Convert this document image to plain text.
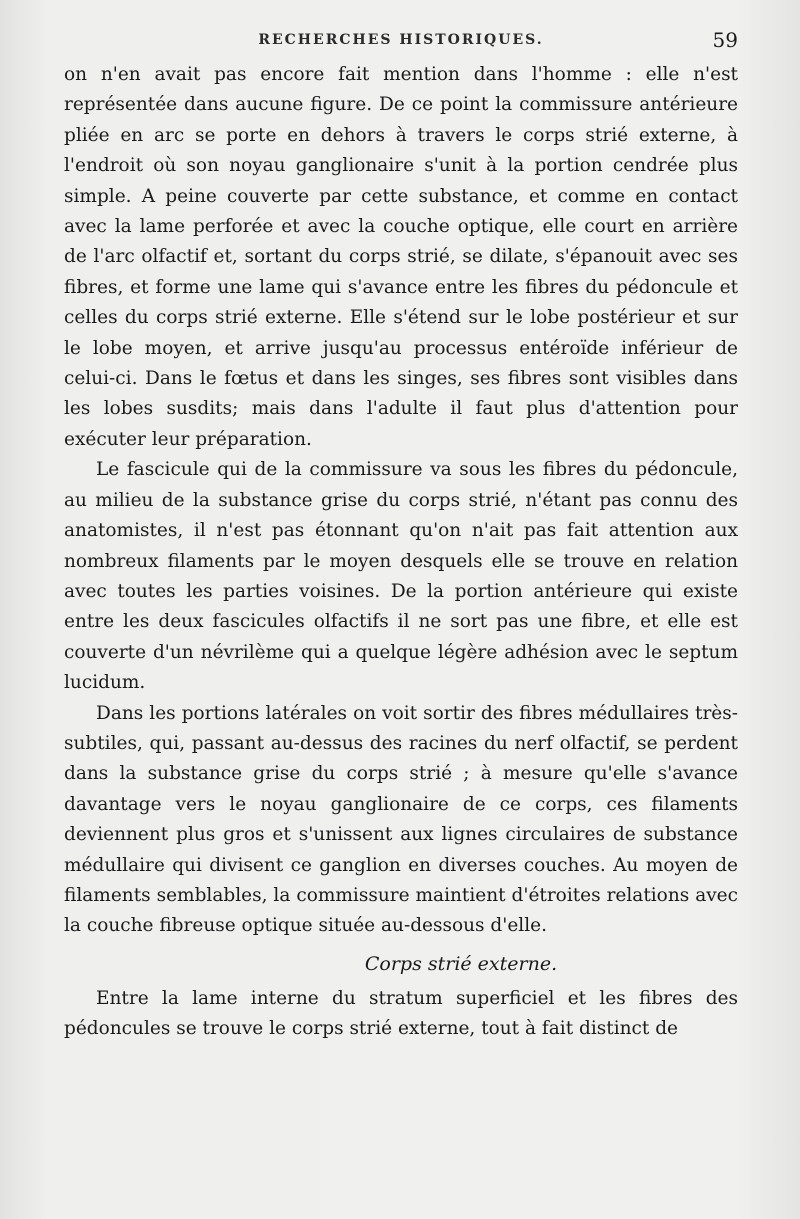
RECHERCHES HISTORIQUES.	59

on n'en avait pas encore fait mention dans l'homme : elle n'est représentée dans aucune figure. De ce point la commissure antérieure pliée en arc se porte en dehors à travers le corps strié externe, à l'endroit où son noyau ganglionaire s'unit à la portion cendrée plus simple. A peine couverte par cette substance, et comme en contact avec la lame perforée et avec la couche optique, elle court en arrière de l'arc olfactif et, sortant du corps strié, se dilate, s'épanouit avec ses fibres, et forme une lame qui s'avance entre les fibres du pédoncule et celles du corps strié externe. Elle s'étend sur le lobe postérieur et sur le lobe moyen, et arrive jusqu'au processus entéroïde inférieur de celui-ci. Dans le fœtus et dans les singes, ses fibres sont visibles dans les lobes susdits; mais dans l'adulte il faut plus d'attention pour exécuter leur préparation.

Le fascicule qui de la commissure va sous les fibres du pédoncule, au milieu de la substance grise du corps strié, n'étant pas connu des anatomistes, il n'est pas étonnant qu'on n'ait pas fait attention aux nombreux filaments par le moyen desquels elle se trouve en relation avec toutes les parties voisines. De la portion antérieure qui existe entre les deux fascicules olfactifs il ne sort pas une fibre, et elle est couverte d'un névrilème qui a quelque légère adhésion avec le septum lucidum.

Dans les portions latérales on voit sortir des fibres médullaires très-subtiles, qui, passant au-dessus des racines du nerf olfactif, se perdent dans la substance grise du corps strié ; à mesure qu'elle s'avance davantage vers le noyau ganglionaire de ce corps, ces filaments deviennent plus gros et s'unissent aux lignes circulaires de substance médullaire qui divisent ce ganglion en diverses couches. Au moyen de filaments semblables, la commissure maintient d'étroites relations avec la couche fibreuse optique située au-dessous d'elle.

Corps strié externe.

Entre la lame interne du stratum superficiel et les fibres des pédoncules se trouve le corps strié externe, tout à fait distinct de
